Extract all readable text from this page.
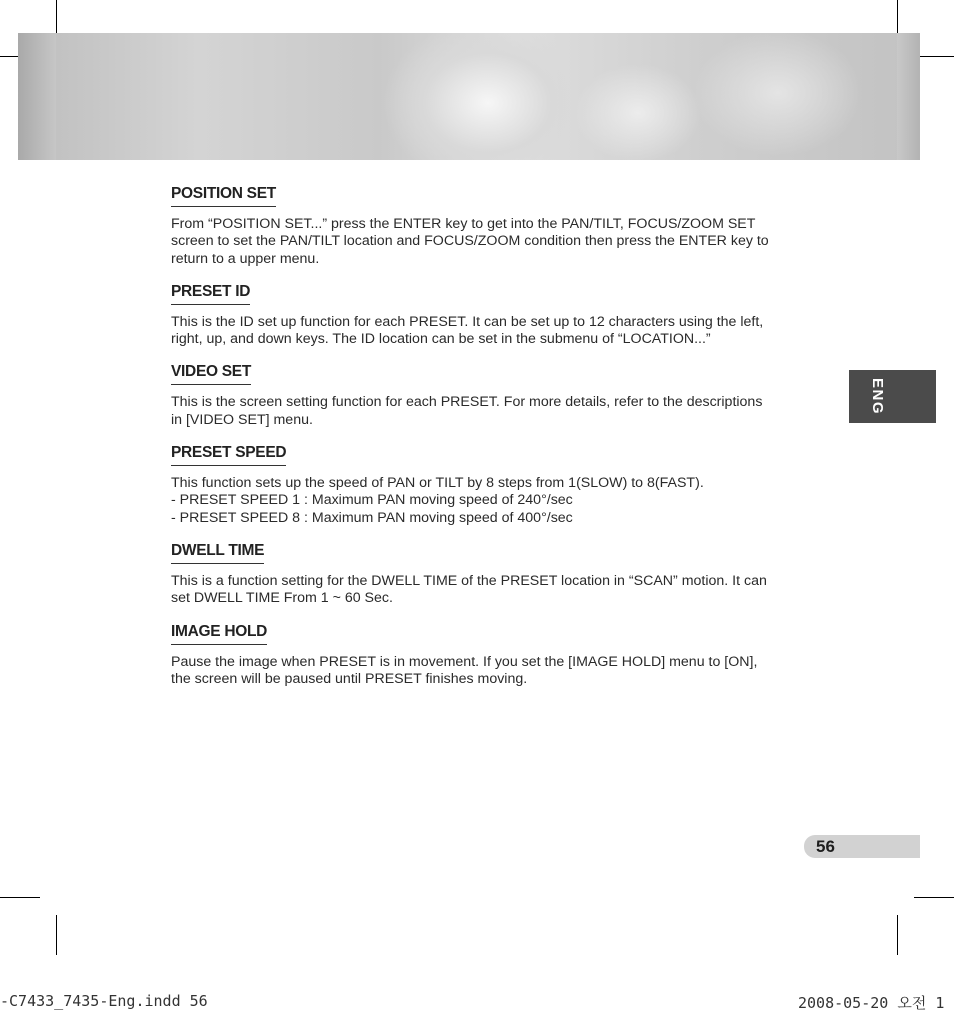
POSITION SET
From “POSITION SET...” press the ENTER key to get into the PAN/TILT, FOCUS/ZOOM SET
screen to set the PAN/TILT location and FOCUS/ZOOM condition then press the ENTER key to
return to a upper menu.
PRESET ID
This is the ID set up function for each PRESET. It can be set up to 12 characters using the left,
right, up, and down keys. The ID location can be set in the submenu of “LOCATION...”
VIDEO SET
This is the screen setting function for each PRESET. For more details, refer to the descriptions
in [VIDEO SET] menu.
PRESET SPEED
This function sets up the speed of PAN or TILT by 8 steps from 1(SLOW) to 8(FAST).
- PRESET SPEED 1 : Maximum PAN moving speed of 240°/sec
- PRESET SPEED 8 : Maximum PAN moving speed of 400°/sec
DWELL TIME
This is a function setting for the DWELL TIME of the PRESET location in “SCAN” motion. It can
set DWELL TIME From 1 ~ 60 Sec.
IMAGE HOLD
Pause the image when PRESET is in movement. If you set the [IMAGE HOLD] menu to [ON],
the screen will be paused until PRESET finishes moving.
ENG
56
-C7433_7435-Eng.indd 56	2008-05-20 오전 1
